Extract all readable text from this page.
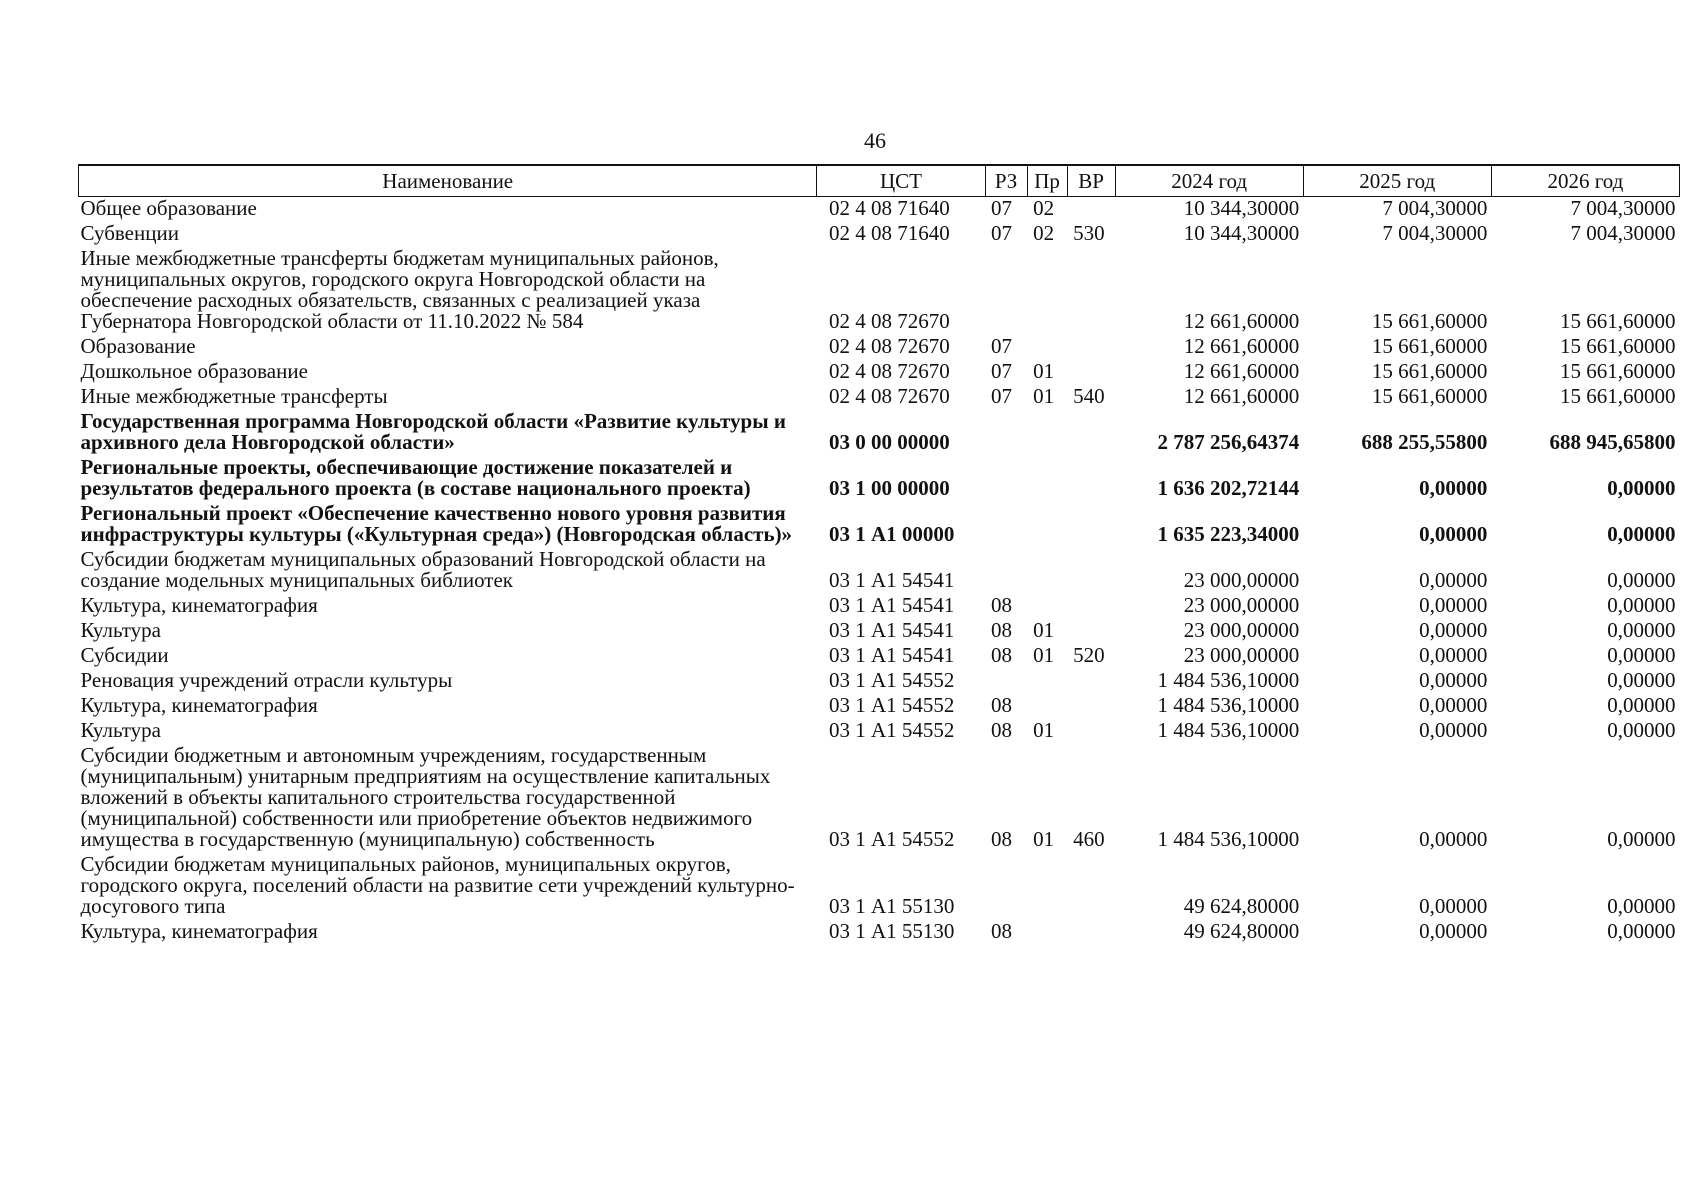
46
Наименование	ЦСТ	РЗ	Пр	ВР	2024 год	2025 год	2026 год
Общее образование	02 4 08 71640	07	02		10 344,30000	7 004,30000	7 004,30000
Субвенции	02 4 08 71640	07	02	530	10 344,30000	7 004,30000	7 004,30000
Иные межбюджетные трансферты бюджетам муниципальных районов, муниципальных округов, городского округа Новгородской области на обеспечение расходных обязательств, связанных с реализацией указа Губернатора Новгородской области от 11.10.2022 № 584	02 4 08 72670				12 661,60000	15 661,60000	15 661,60000
Образование	02 4 08 72670	07			12 661,60000	15 661,60000	15 661,60000
Дошкольное образование	02 4 08 72670	07	01		12 661,60000	15 661,60000	15 661,60000
Иные межбюджетные трансферты	02 4 08 72670	07	01	540	12 661,60000	15 661,60000	15 661,60000
Государственная программа Новгородской области «Развитие культуры и архивного дела Новгородской области»	03 0 00 00000				2 787 256,64374	688 255,55800	688 945,65800
Региональные проекты, обеспечивающие достижение показателей и результатов федерального проекта (в составе национального проекта)	03 1 00 00000				1 636 202,72144	0,00000	0,00000
Региональный проект «Обеспечение качественно нового уровня развития инфраструктуры культуры («Культурная среда») (Новгородская область)»	03 1 А1 00000				1 635 223,34000	0,00000	0,00000
Субсидии бюджетам муниципальных образований Новгородской области на создание модельных муниципальных библиотек	03 1 А1 54541				23 000,00000	0,00000	0,00000
Культура, кинематография	03 1 А1 54541	08			23 000,00000	0,00000	0,00000
Культура	03 1 А1 54541	08	01		23 000,00000	0,00000	0,00000
Субсидии	03 1 А1 54541	08	01	520	23 000,00000	0,00000	0,00000
Реновация учреждений отрасли культуры	03 1 А1 54552				1 484 536,10000	0,00000	0,00000
Культура, кинематография	03 1 А1 54552	08			1 484 536,10000	0,00000	0,00000
Культура	03 1 А1 54552	08	01		1 484 536,10000	0,00000	0,00000
Субсидии бюджетным и автономным учреждениям, государственным (муниципальным) унитарным предприятиям на осуществление капитальных вложений в объекты капитального строительства государственной (муниципальной) собственности или приобретение объектов недвижимого имущества в государственную (муниципальную) собственность	03 1 А1 54552	08	01	460	1 484 536,10000	0,00000	0,00000
Субсидии бюджетам муниципальных районов, муниципальных округов, городского округа, поселений области на развитие сети учреждений культурно-досугового типа	03 1 А1 55130				49 624,80000	0,00000	0,00000
Культура, кинематография	03 1 А1 55130	08			49 624,80000	0,00000	0,00000
